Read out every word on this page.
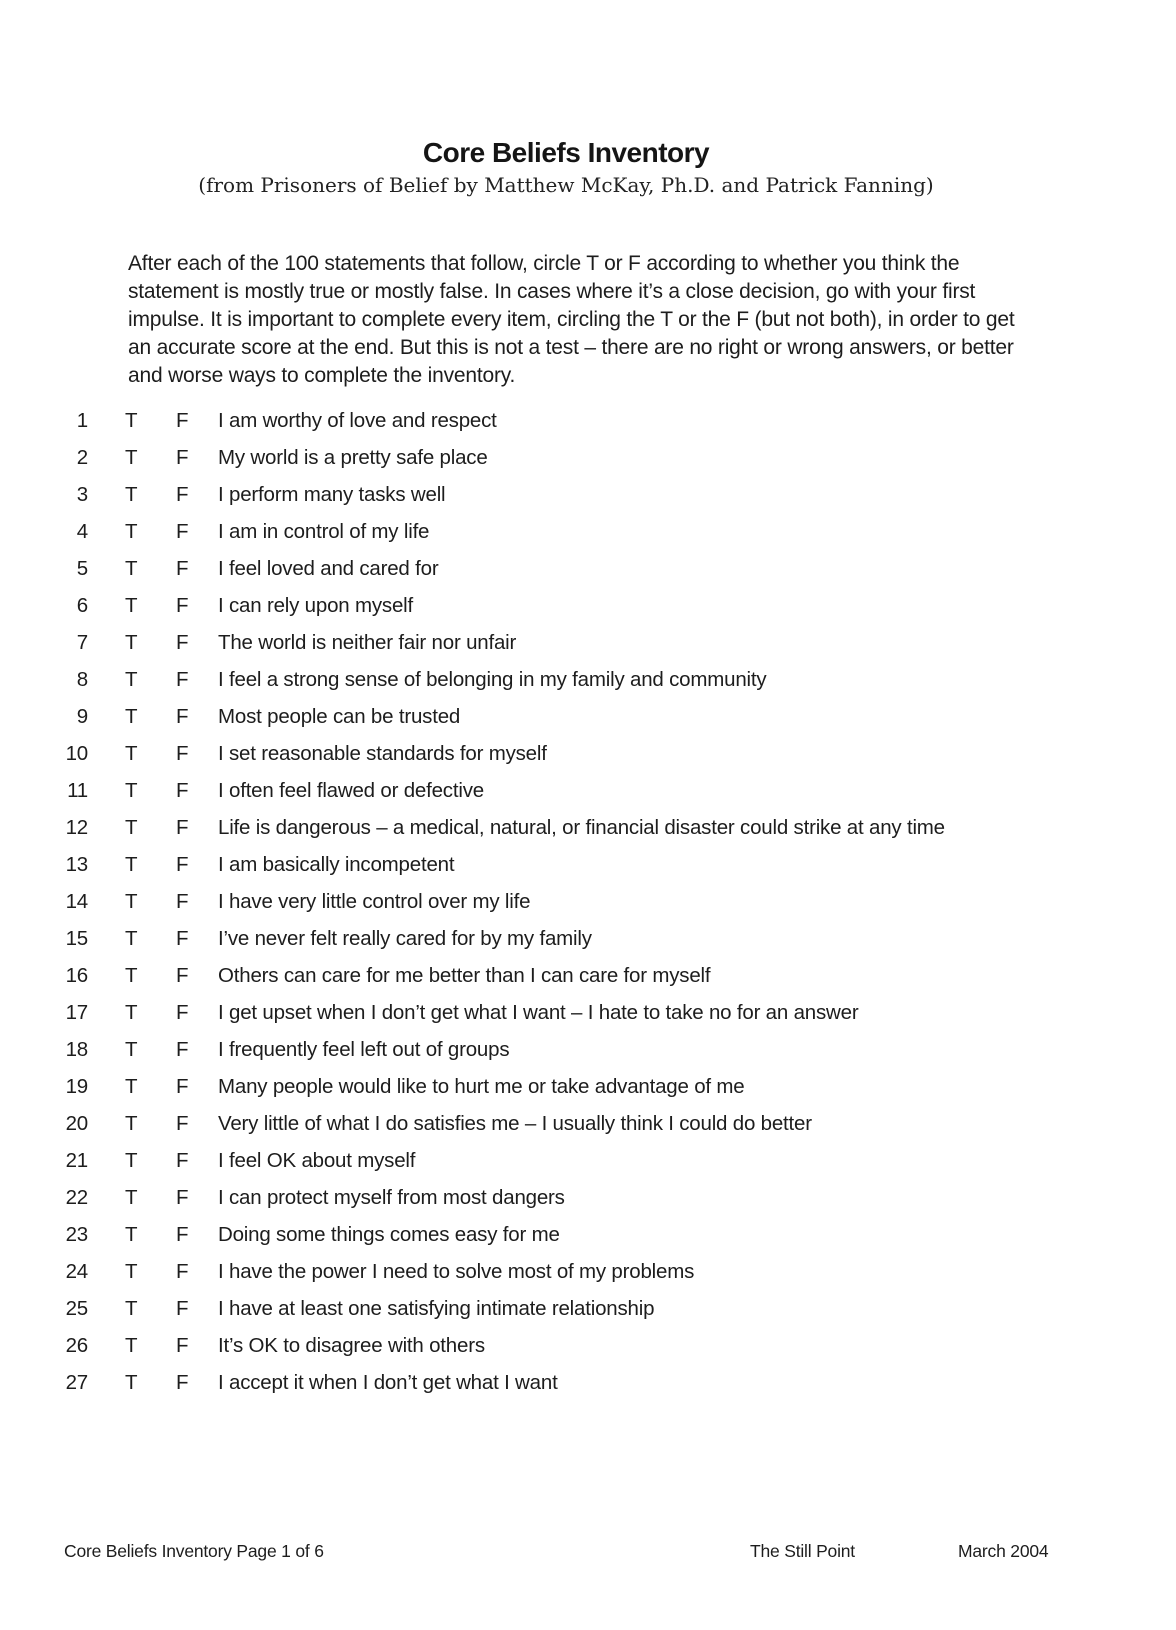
Core Beliefs Inventory
(from Prisoners of Belief by Matthew McKay, Ph.D. and Patrick Fanning)

After each of the 100 statements that follow, circle T or F according to whether you think the statement is mostly true or mostly false. In cases where it’s a close decision, go with your first impulse. It is important to complete every item, circling the T or the F (but not both), in order to get an accurate score at the end. But this is not a test – there are no right or wrong answers, or better and worse ways to complete the inventory.

1	T	F	I am worthy of love and respect
2	T	F	My world is a pretty safe place
3	T	F	I perform many tasks well
4	T	F	I am in control of my life
5	T	F	I feel loved and cared for
6	T	F	I can rely upon myself
7	T	F	The world is neither fair nor unfair
8	T	F	I feel a strong sense of belonging in my family and community
9	T	F	Most people can be trusted
10	T	F	I set reasonable standards for myself
11	T	F	I often feel flawed or defective
12	T	F	Life is dangerous – a medical, natural, or financial disaster could strike at any time
13	T	F	I am basically incompetent
14	T	F	I have very little control over my life
15	T	F	I’ve never felt really cared for by my family
16	T	F	Others can care for me better than I can care for myself
17	T	F	I get upset when I don’t get what I want – I hate to take no for an answer
18	T	F	I frequently feel left out of groups
19	T	F	Many people would like to hurt me or take advantage of me
20	T	F	Very little of what I do satisfies me – I usually think I could do better
21	T	F	I feel OK about myself
22	T	F	I can protect myself from most dangers
23	T	F	Doing some things comes easy for me
24	T	F	I have the power I need to solve most of my problems
25	T	F	I have at least one satisfying intimate relationship
26	T	F	It’s OK to disagree with others
27	T	F	I accept it when I don’t get what I want
Core Beliefs Inventory Page 1 of 6	The Still Point	March 2004
